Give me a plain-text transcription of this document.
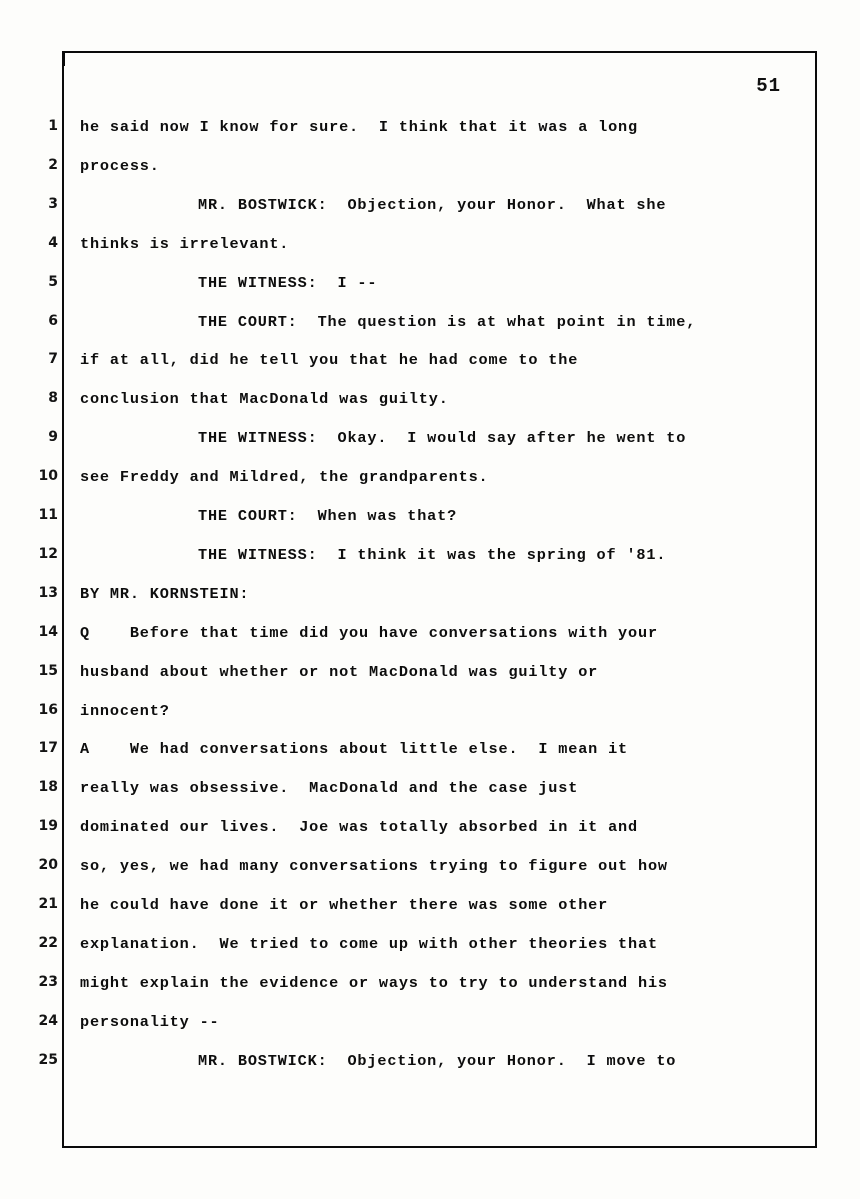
51
1
2
3
4
5
6
7
8
9
10
11
12
13
14
15
16
17
18
19
20
21
22
23
24
25
he said now I know for sure.  I think that it was a long
process.
MR. BOSTWICK:  Objection, your Honor.  What she
thinks is irrelevant.
THE WITNESS:  I --
THE COURT:  The question is at what point in time,
if at all, did he tell you that he had come to the
conclusion that MacDonald was guilty.
THE WITNESS:  Okay.  I would say after he went to
see Freddy and Mildred, the grandparents.
THE COURT:  When was that?
THE WITNESS:  I think it was the spring of '81.
BY MR. KORNSTEIN:
Q    Before that time did you have conversations with your
husband about whether or not MacDonald was guilty or
innocent?
A    We had conversations about little else.  I mean it
really was obsessive.  MacDonald and the case just
dominated our lives.  Joe was totally absorbed in it and
so, yes, we had many conversations trying to figure out how
he could have done it or whether there was some other
explanation.  We tried to come up with other theories that
might explain the evidence or ways to try to understand his
personality --
MR. BOSTWICK:  Objection, your Honor.  I move to
